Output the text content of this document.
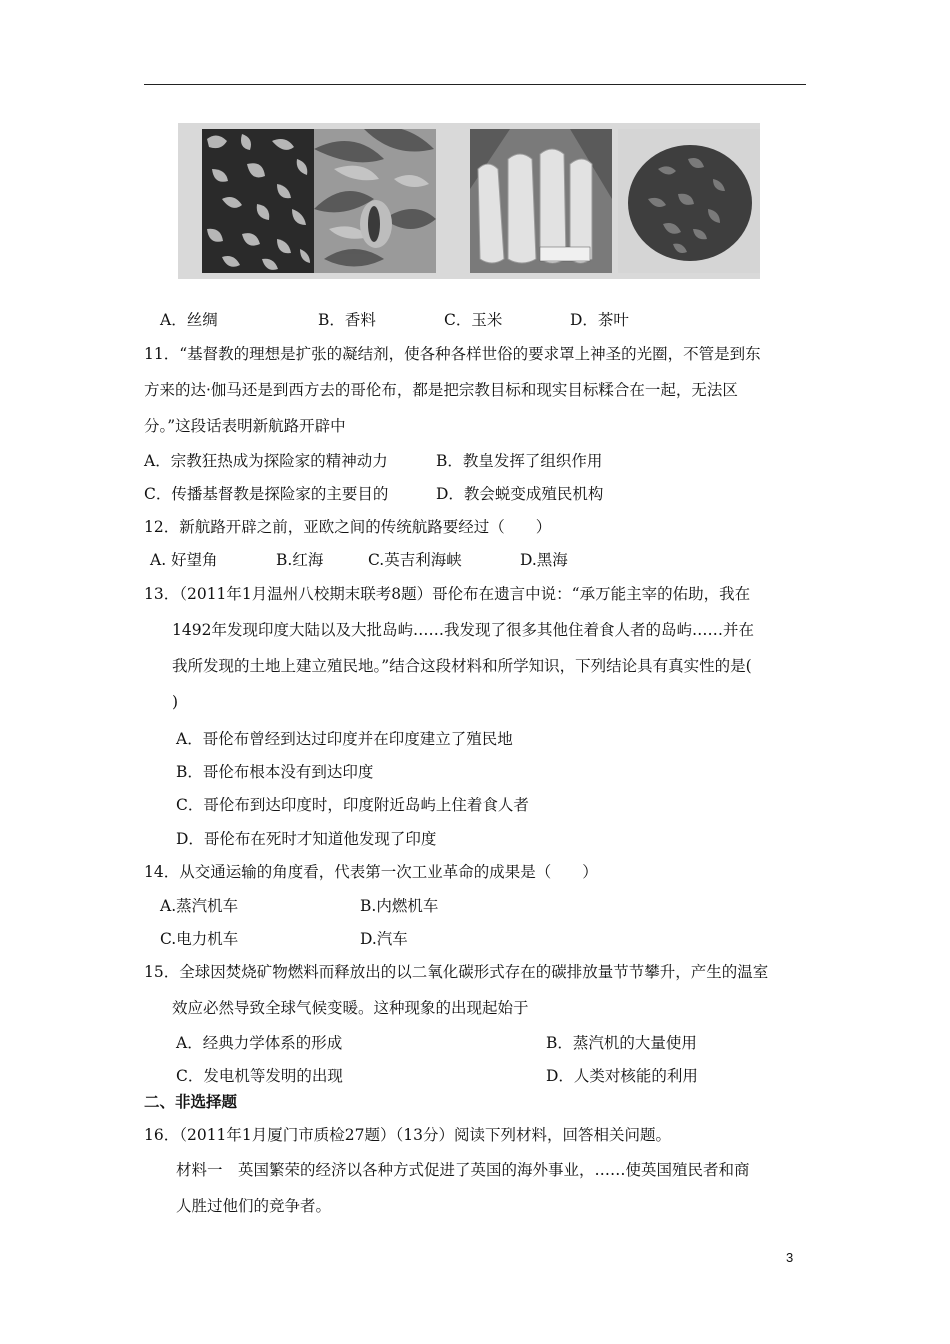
A．丝绸	B．香料	C．玉米	D．茶叶
11．“基督教的理想是扩张的凝结剂，使各种各样世俗的要求罩上神圣的光圈，不管是到东
方来的达·伽马还是到西方去的哥伦布，都是把宗教目标和现实目标糅合在一起，无法区
分。”这段话表明新航路开辟中
A．宗教狂热成为探险家的精神动力	B．教皇发挥了组织作用
C．传播基督教是探险家的主要目的	D．教会蜕变成殖民机构
12．新航路开辟之前，亚欧之间的传统航路要经过（　　）
A. 好望角	B.红海	C.英吉利海峡	D.黑海
13．（2011年1月温州八校期末联考8题）哥伦布在遗言中说：“承万能主宰的佑助，我在
1492年发现印度大陆以及大批岛屿……我发现了很多其他住着食人者的岛屿……并在
我所发现的土地上建立殖民地。”结合这段材料和所学知识，下列结论具有真实性的是(
)
A．哥伦布曾经到达过印度并在印度建立了殖民地
B．哥伦布根本没有到达印度
C．哥伦布到达印度时，印度附近岛屿上住着食人者
D．哥伦布在死时才知道他发现了印度
14．从交通运输的角度看，代表第一次工业革命的成果是（　　）
A.蒸汽机车	B.内燃机车
C.电力机车	D.汽车
15．全球因焚烧矿物燃料而释放出的以二氧化碳形式存在的碳排放量节节攀升，产生的温室
效应必然导致全球气候变暖。这种现象的出现起始于
A．经典力学体系的形成	B．蒸汽机的大量使用
C．发电机等发明的出现	D．人类对核能的利用
二、非选择题
16．（2011年1月厦门市质检27题）（13分）阅读下列材料，回答相关问题。
材料一　英国繁荣的经济以各种方式促进了英国的海外事业，……使英国殖民者和商
人胜过他们的竞争者。
3
